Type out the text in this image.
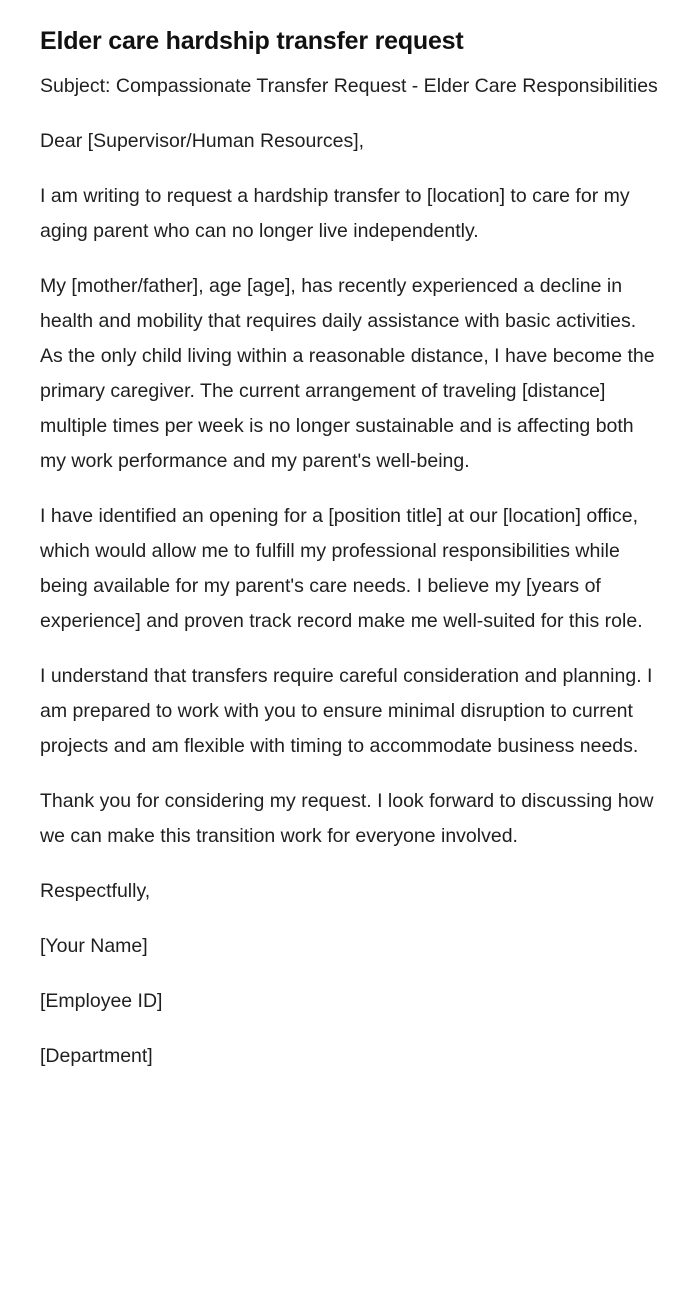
Elder care hardship transfer request

Subject: Compassionate Transfer Request - Elder Care Responsibilities

Dear [Supervisor/Human Resources],

I am writing to request a hardship transfer to [location] to care for my aging parent who can no longer live independently.

My [mother/father], age [age], has recently experienced a decline in health and mobility that requires daily assistance with basic activities. As the only child living within a reasonable distance, I have become the primary caregiver. The current arrangement of traveling [distance] multiple times per week is no longer sustainable and is affecting both my work performance and my parent's well-being.

I have identified an opening for a [position title] at our [location] office, which would allow me to fulfill my professional responsibilities while being available for my parent's care needs. I believe my [years of experience] and proven track record make me well-suited for this role.

I understand that transfers require careful consideration and planning. I am prepared to work with you to ensure minimal disruption to current projects and am flexible with timing to accommodate business needs.

Thank you for considering my request. I look forward to discussing how we can make this transition work for everyone involved.

Respectfully,

[Your Name]

[Employee ID]

[Department]
